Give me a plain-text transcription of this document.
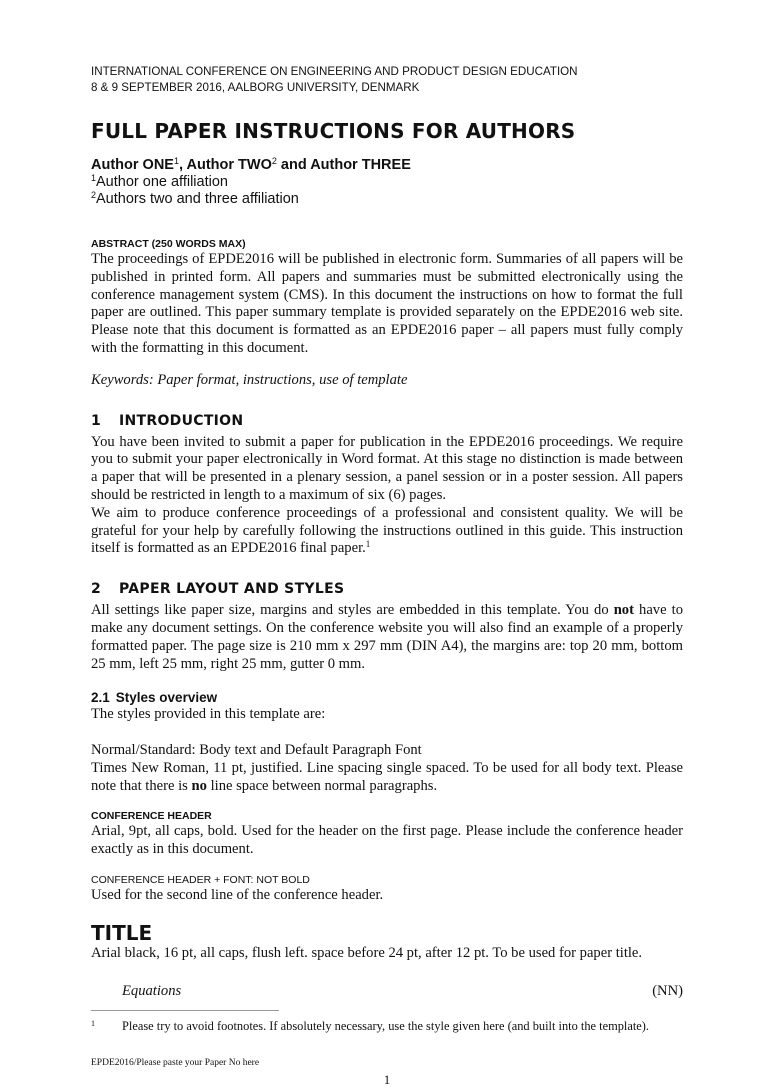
INTERNATIONAL CONFERENCE ON ENGINEERING AND PRODUCT DESIGN EDUCATION
8 & 9 SEPTEMBER 2016, AALBORG UNIVERSITY, DENMARK
FULL PAPER INSTRUCTIONS FOR AUTHORS
Author ONE$^1$, Author TWO$^2$ and Author THREE
$^1$Author one affiliation
$^2$Authors two and three affiliation
ABSTRACT (250 WORDS MAX)

The proceedings of EPDE2016 will be published in electronic form. Summaries of all papers will be published in printed form. All papers and summaries must be submitted electronically using the conference management system (CMS). In this document the instructions on how to format the full paper are outlined. This paper summary template is provided separately on the EPDE2016 web site. Please note that this document is formatted as an EPDE2016 paper – all papers must fully comply with the formatting in this document.

Keywords: Paper format, instructions, use of template

1 INTRODUCTION

You have been invited to submit a paper for publication in the EPDE2016 proceedings. We require you to submit your paper electronically in Word format. At this stage no distinction is made between a paper that will be presented in a plenary session, a panel session or in a poster session. All papers should be restricted in length to a maximum of six (6) pages.

We aim to produce conference proceedings of a professional and consistent quality. We will be grateful for your help by carefully following the instructions outlined in this guide. This instruction itself is formatted as an EPDE2016 final paper.$^1$

2 PAPER LAYOUT AND STYLES

All settings like paper size, margins and styles are embedded in this template. You do not have to make any document settings. On the conference website you will also find an example of a properly formatted paper. The page size is 210 mm x 297 mm (DIN A4), the margins are: top 20 mm, bottom 25 mm, left 25 mm, right 25 mm, gutter 0 mm.

2.1 Styles overview

The styles provided in this template are:

Normal/Standard: Body text and Default Paragraph Font

Times New Roman, 11 pt, justified. Line spacing single spaced. To be used for all body text. Please note that there is no line space between normal paragraphs.

CONFERENCE HEADER

Arial, 9pt, all caps, bold. Used for the header on the first page. Please include the conference header exactly as in this document.

CONFERENCE HEADER + FONT: NOT BOLD

Used for the second line of the conference header.

TITLE

Arial black, 16 pt, all caps, flush left. space before 24 pt, after 12 pt. To be used for paper title.

Equations	(NN)
1	Please try to avoid footnotes. If absolutely necessary, use the style given here (and built into the template).
EPDE2016/Please paste your Paper No here
1
